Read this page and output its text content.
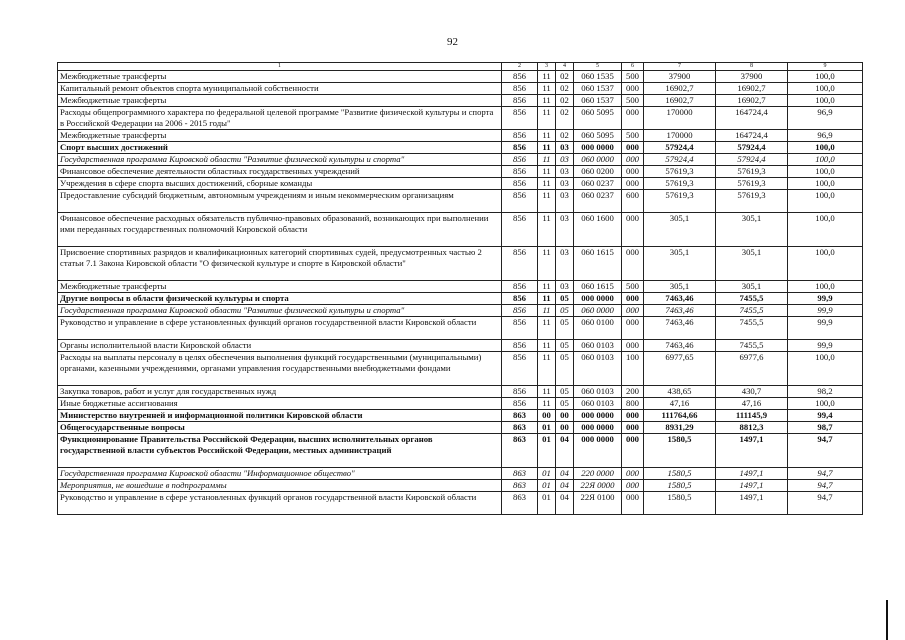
92
1	2	3	4	5	6	7	8	9
Межбюджетные трансферты	856	11	02	060 1535	500	37900	37900	100,0
Капитальный ремонт объектов спорта муниципальной собственности	856	11	02	060 1537	000	16902,7	16902,7	100,0
Межбюджетные трансферты	856	11	02	060 1537	500	16902,7	16902,7	100,0
Расходы общепрограммного характера по федеральной целевой программе "Развитие физической культуры и спорта в Российской Федерации на 2006 - 2015 годы"	856	11	02	060 5095	000	170000	164724,4	96,9
Межбюджетные трансферты	856	11	02	060 5095	500	170000	164724,4	96,9
Спорт высших достижений	856	11	03	000 0000	000	57924,4	57924,4	100,0
Государственная программа Кировской области "Развитие физической культуры и спорта"	856	11	03	060 0000	000	57924,4	57924,4	100,0
Финансовое обеспечение деятельности областных государственных учреждений	856	11	03	060 0200	000	57619,3	57619,3	100,0
Учреждения в сфере спорта высших достижений, сборные команды	856	11	03	060 0237	000	57619,3	57619,3	100,0
Предоставление субсидий бюджетным, автономным учреждениям и иным некоммерческим организациям	856	11	03	060 0237	600	57619,3	57619,3	100,0
Финансовое обеспечение расходных обязательств публично-правовых образований, возникающих при выполнении ими переданных государственных полномочий Кировской области	856	11	03	060 1600	000	305,1	305,1	100,0
Присвоение спортивных разрядов и квалификационных категорий спортивных судей, предусмотренных частью 2 статьи 7.1 Закона Кировской области "О физической культуре и спорте в Кировской области"	856	11	03	060 1615	000	305,1	305,1	100,0
Межбюджетные трансферты	856	11	03	060 1615	500	305,1	305,1	100,0
Другие вопросы в области физической культуры и спорта	856	11	05	000 0000	000	7463,46	7455,5	99,9
Государственная программа Кировской области "Развитие физической культуры и спорта"	856	11	05	060 0000	000	7463,46	7455,5	99,9
Руководство и управление в сфере установленных функций органов государственной власти Кировской области	856	11	05	060 0100	000	7463,46	7455,5	99,9
Органы исполнительной власти Кировской области	856	11	05	060 0103	000	7463,46	7455,5	99,9
Расходы на выплаты персоналу в целях обеспечения выполнения функций государственными (муниципальными) органами, казенными учреждениями, органами управления государственными внебюджетными фондами	856	11	05	060 0103	100	6977,65	6977,6	100,0
Закупка товаров, работ и услуг для государственных нужд	856	11	05	060 0103	200	438,65	430,7	98,2
Иные бюджетные ассигнования	856	11	05	060 0103	800	47,16	47,16	100,0
Министерство внутренней и информационной политики Кировской области	863	00	00	000 0000	000	111764,66	111145,9	99,4
Общегосударственные вопросы	863	01	00	000 0000	000	8931,29	8812,3	98,7
Функционирование Правительства Российской Федерации, высших исполнительных органов государственной власти субъектов Российской Федерации, местных администраций	863	01	04	000 0000	000	1580,5	1497,1	94,7
Государственная программа Кировской области "Информационное общество"	863	01	04	220 0000	000	1580,5	1497,1	94,7
Мероприятия, не вошедшие в подпрограммы	863	01	04	22Я 0000	000	1580,5	1497,1	94,7
Руководство и управление в сфере установленных функций органов государственной власти Кировской области	863	01	04	22Я 0100	000	1580,5	1497,1	94,7
